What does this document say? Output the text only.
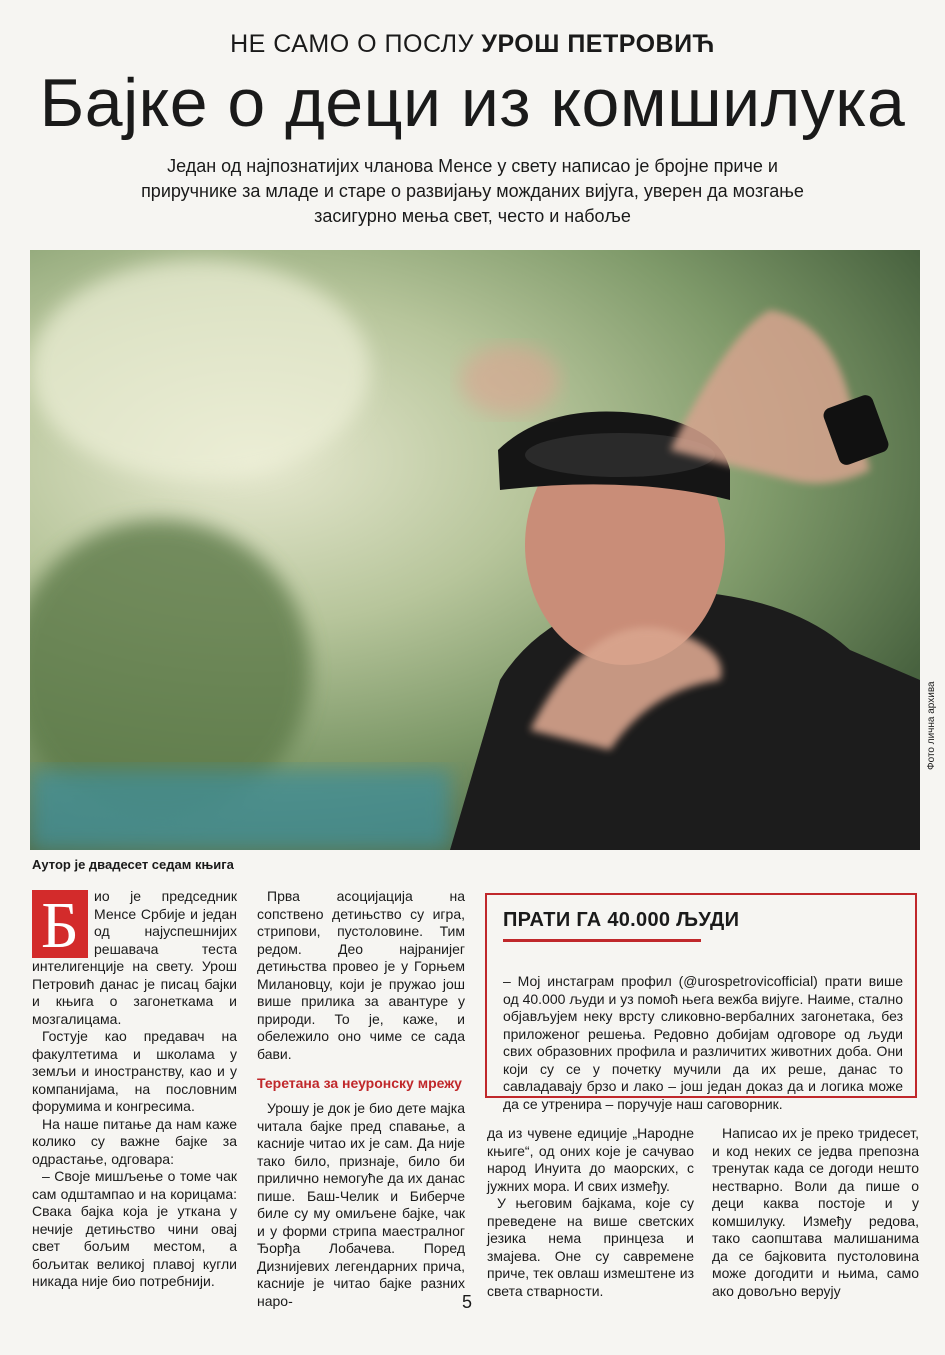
НЕ САМО О ПОСЛУ УРОШ ПЕТРОВИЋ
Бајке о деци из комшилука
Један од најпознатијих чланова Менсе у свету написао је бројне приче и приручнике за младе и старе о развијању можданих вијуга, уверен да мозгање засигурно мења свет, често и набоље
Фото лична архива
Аутор је двадесет седам књига
Б	ио је председник Менсе Србије и један од најуспешнијих решавача теста интелигенције на свету. Урош Петровић данас је писац бајки и књига о загонеткама и мозгалицама.

Гостује као предавач на факултетима и школама у земљи и иностранству, као и у компанијама, на пословним форумима и конгресима.

На наше питање да нам каже колико су важне бајке за одрастање, одговара:

– Своје мишљење о томе чак сам одштампао и на корицама: Свака бајка која је уткана у нечије детињство чини овај свет бољим местом, а бољитак великој плавој кугли никада није био потребнији.

Прва асоцијација на сопствено детињство су игра, стрипови, пустоловине. Тим редом. Део најранијег детињства провео је у Горњем Милановцу, који је пружао још више прилика за авантуре у природи. То је, каже, и обележило оно чиме се сада бави.

Теретана за неуронску мрежу

Урошу је док је био дете мајка читала бајке пред спавање, а касније читао их је сам. Да није тако било, признаје, било би прилично немогуће да их данас пише. Баш-Челик и Биберче биле су му омиљене бајке, чак и у форми стрипа маестралног Ђорђа Лобачева. Поред Дизнијевих легендарних прича, касније је читао бајке разних наро-

ПРАТИ ГА 40.000 ЉУДИ
– Мој инстаграм профил (@urospetrovicofficial) прати више од 40.000 људи и уз помоћ њега вежба вијуге. Наиме, стално објављујем неку врсту сликовно-вербалних загонетака, без приложеног решења. Редовно добијам одговоре од људи свих образовних профила и различитих животних доба. Они који су се у почетку мучили да их реше, данас то савладавају брзо и лако – још један доказ да и логика може да се утренира – поручује наш саговорник.

да из чувене едиције „Народне књиге“, од оних које је сачувао народ Инуита до маорских, с јужних мора. И свих између.

У његовим бајкама, које су преведене на више светских језика нема принцеза и змајева. Оне су савремене приче, тек овлаш измештене из света стварности.

Написао их је преко тридесет, и код неких се једва препозна тренутак када се догоди нешто нестварно. Воли да пише о деци каква постоје и у комшилуку. Између редова, тако саопштава малишанима да се бајковита пустоловина може догодити и њима, само ако довољно верују

5
